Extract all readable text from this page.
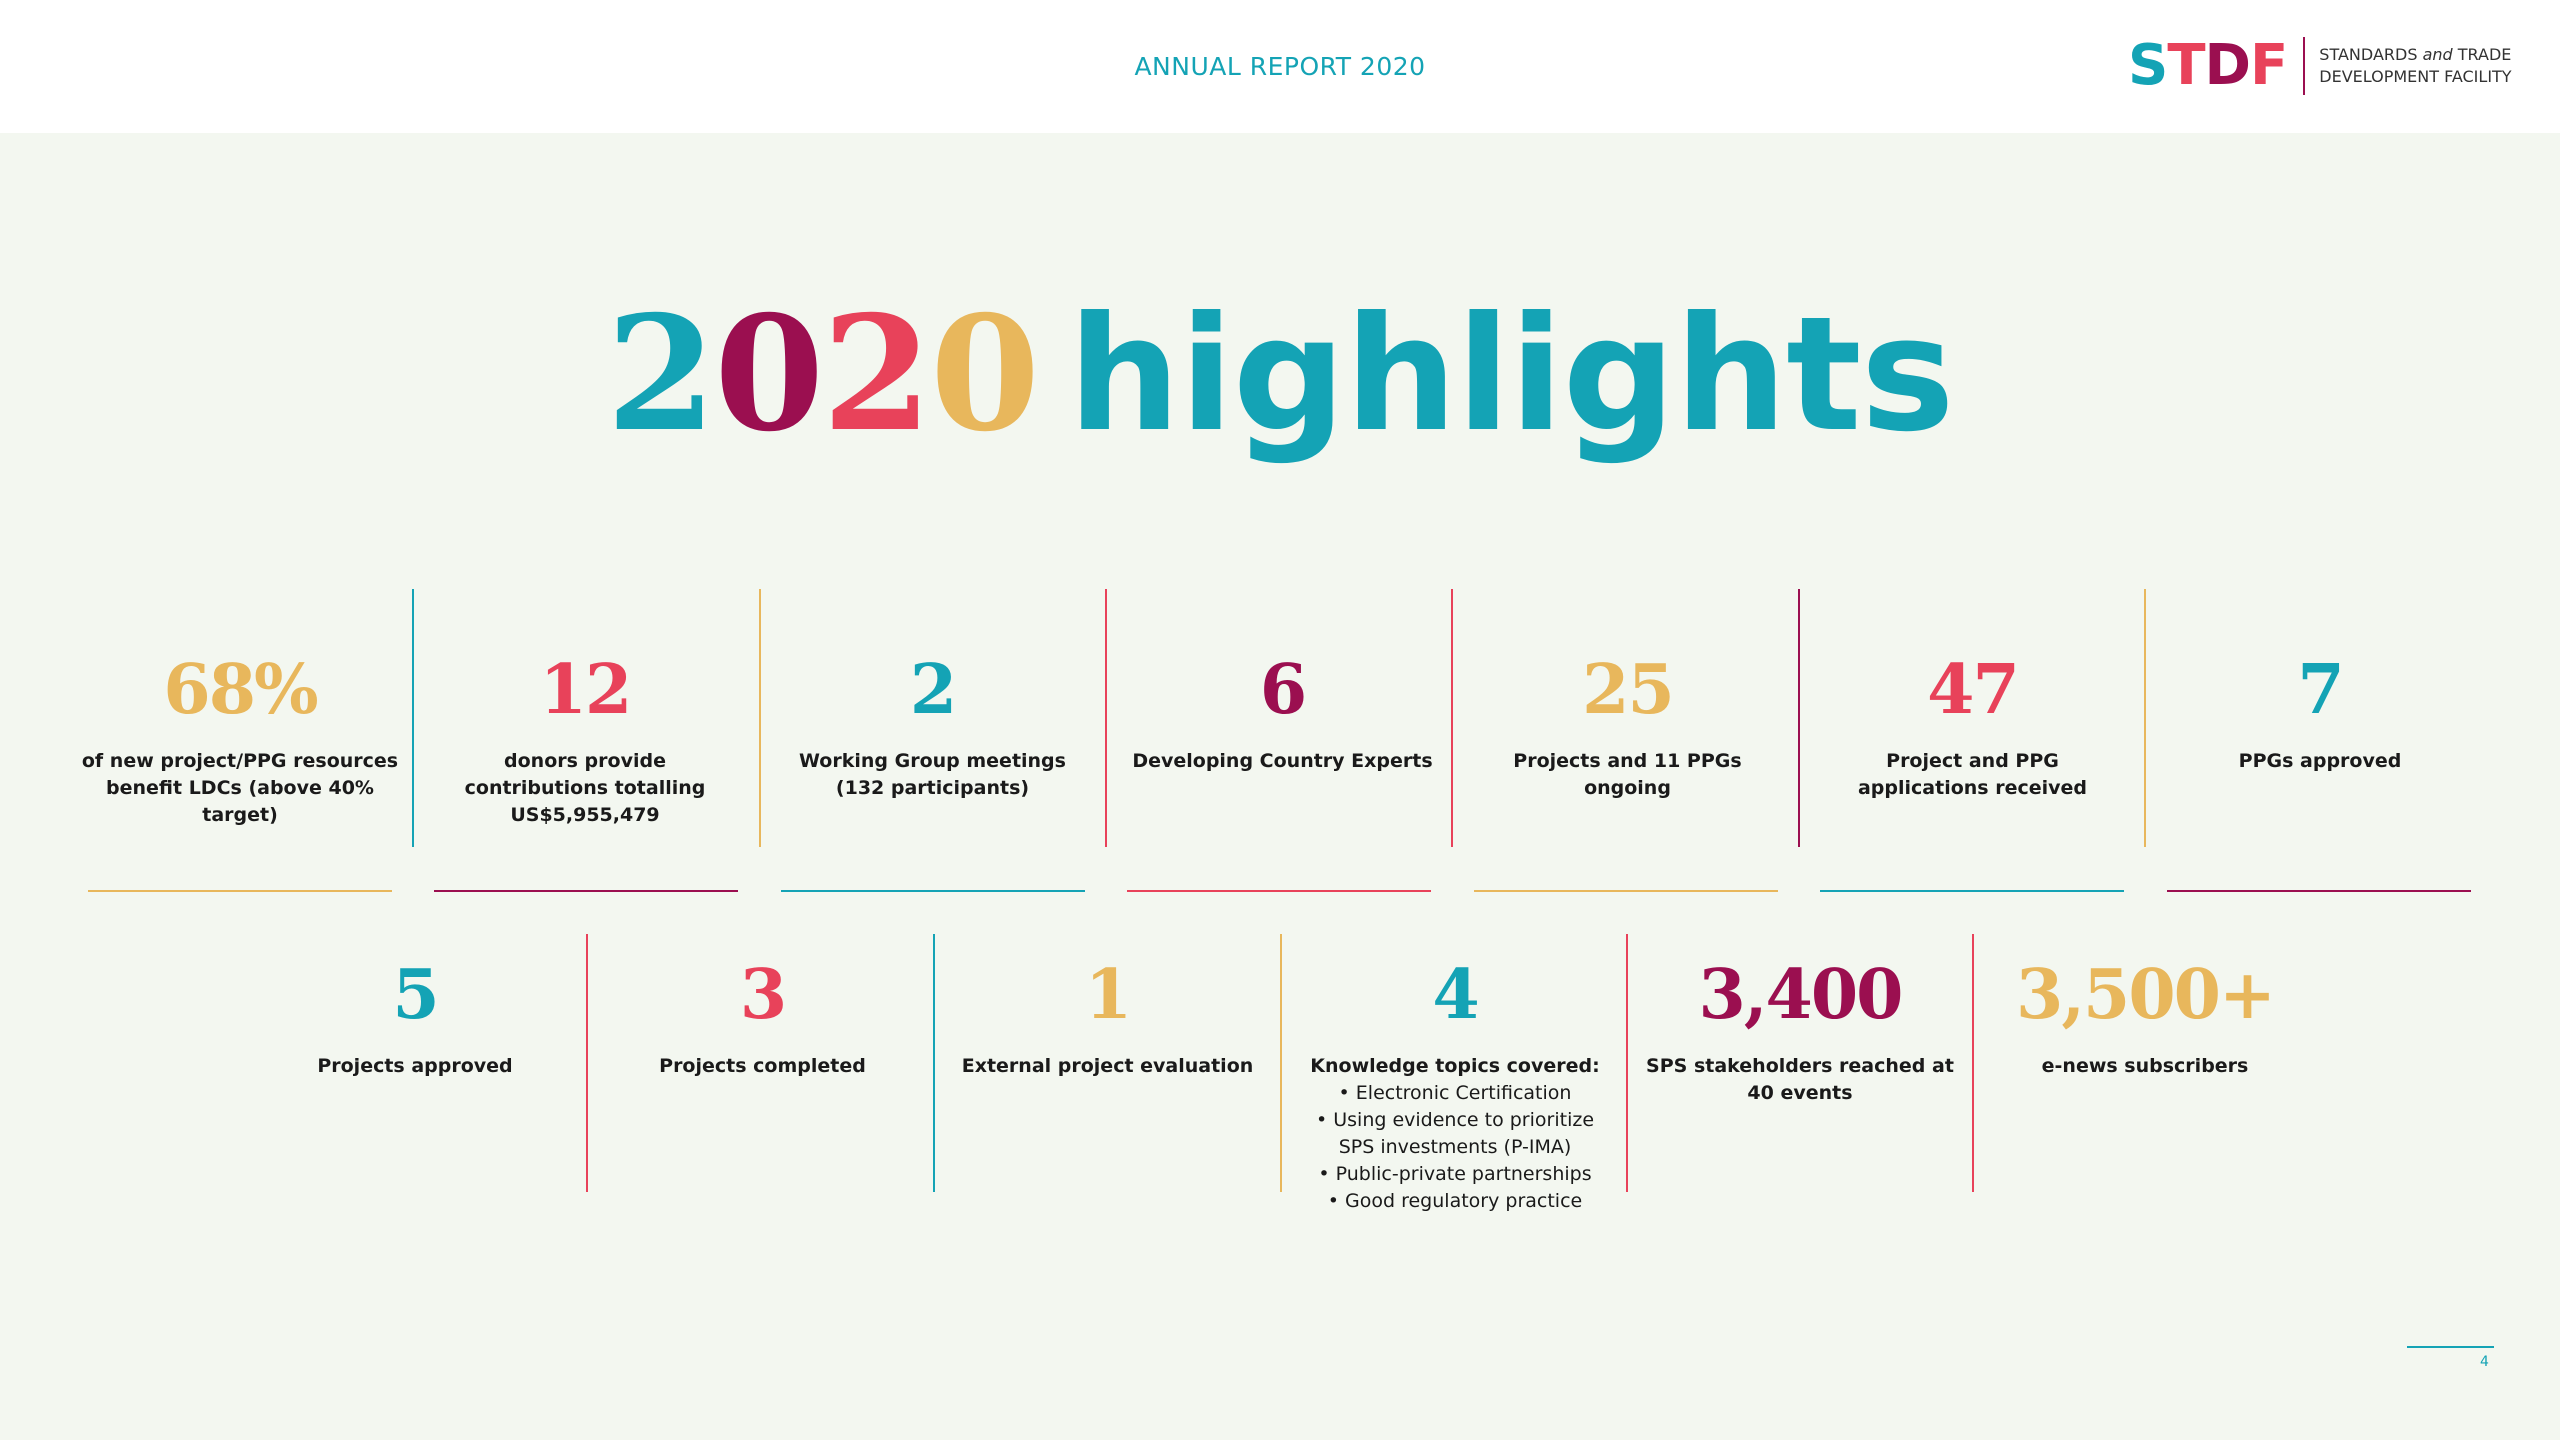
ANNUAL REPORT 2020	S T D F STANDARDS and TRADE
DEVELOPMENT FACILITY
2020 highlights
68%
of new project/PPG resources benefit LDCs (above 40% target)
12
donors provide contributions totalling US$5,955,479
2
Working Group meetings (132 participants)
6
Developing Country Experts
25
Projects and 11 PPGs ongoing
47
Project and PPG applications received
7
PPGs approved
5
Projects approved
3
Projects completed
1
External project evaluation
4
Knowledge topics covered:
• Electronic Certification
• Using evidence to prioritize SPS investments (P-IMA)
• Public-private partnerships
• Good regulatory practice
3,400
SPS stakeholders reached at 40 events
3,500+
e-news subscribers
4
